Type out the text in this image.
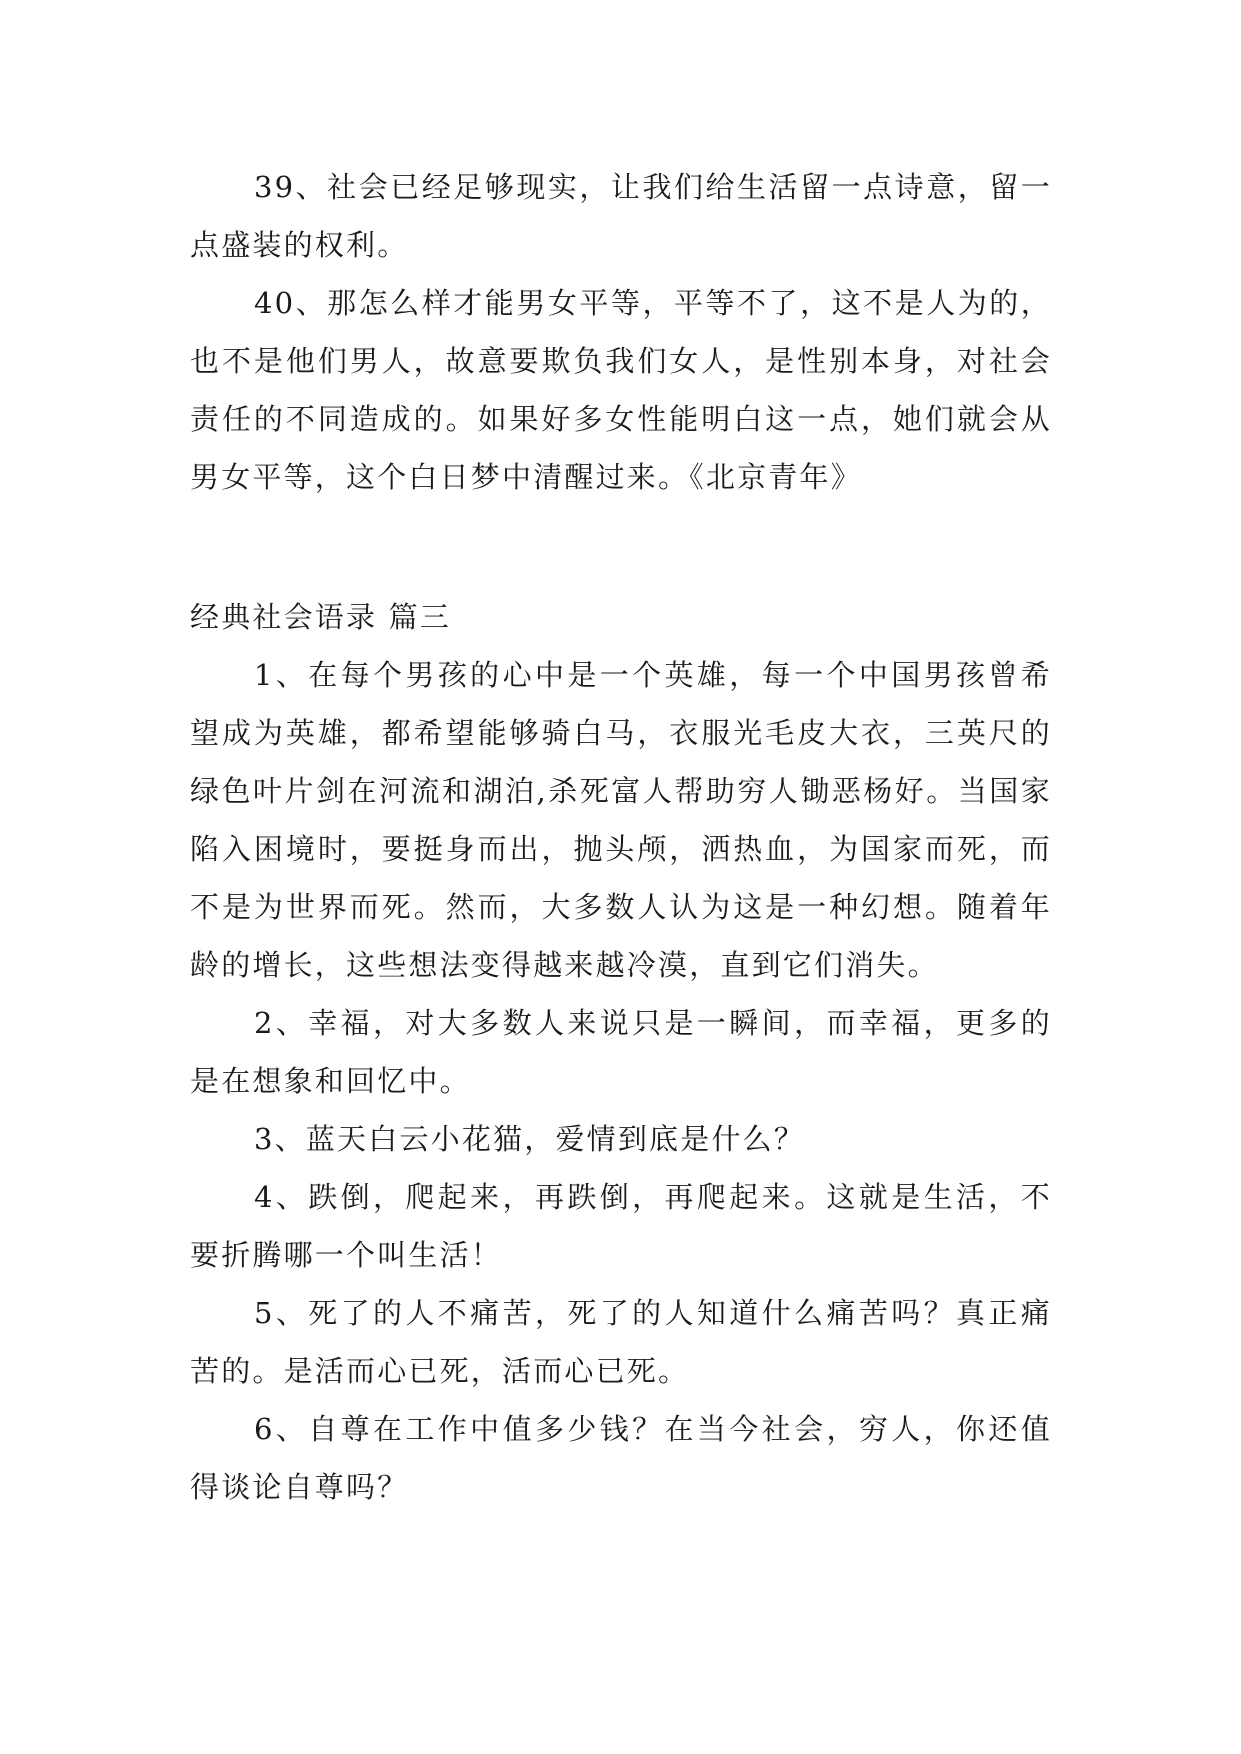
39、社会已经足够现实，让我们给生活留一点诗意，留一点盛装的权利。

40、那怎么样才能男女平等，平等不了，这不是人为的，也不是他们男人，故意要欺负我们女人，是性别本身，对社会责任的不同造成的。如果好多女性能明白这一点，她们就会从男女平等，这个白日梦中清醒过来。《北京青年》

经典社会语录 篇三

1、在每个男孩的心中是一个英雄，每一个中国男孩曾希望成为英雄，都希望能够骑白马，衣服光毛皮大衣，三英尺的绿色叶片剑在河流和湖泊,杀死富人帮助穷人锄恶杨好。当国家陷入困境时，要挺身而出，抛头颅，洒热血，为国家而死，而不是为世界而死。然而，大多数人认为这是一种幻想。随着年龄的增长，这些想法变得越来越冷漠，直到它们消失。

2、幸福，对大多数人来说只是一瞬间，而幸福，更多的是在想象和回忆中。

3、蓝天白云小花猫，爱情到底是什么？

4、跌倒，爬起来，再跌倒，再爬起来。这就是生活，不要折腾哪一个叫生活！

5、死了的人不痛苦，死了的人知道什么痛苦吗？真正痛苦的。是活而心已死，活而心已死。

6、自尊在工作中值多少钱？在当今社会，穷人，你还值得谈论自尊吗？
